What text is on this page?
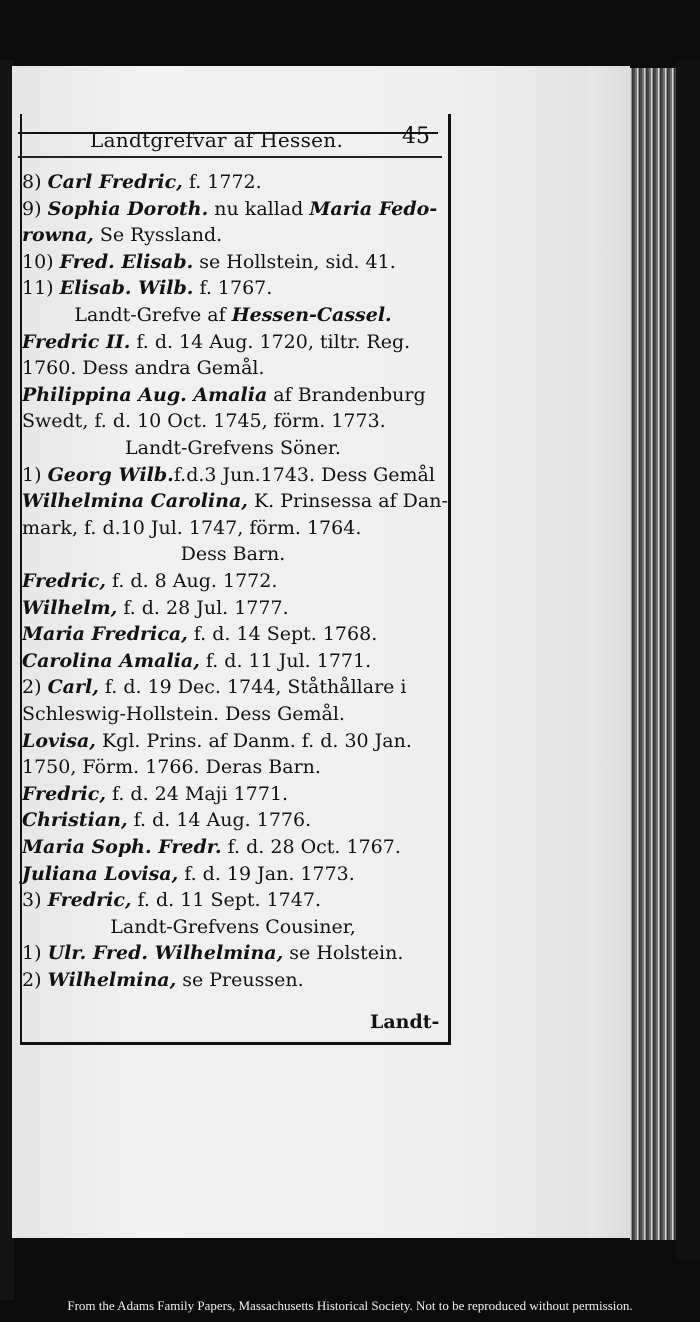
Landtgrefvar af Hessen.	45
8) Carl Fredric, f. 1772.
9) Sophia Doroth. nu kallad Maria Fedo-
rowna, Se Ryssland.
10) Fred. Elisab. se Hollstein, sid. 41.
11) Elisab. Wilb. f. 1767.
Landt-Grefve af Hessen-Cassel.
Fredric II. f. d. 14 Aug. 1720, tiltr. Reg.
1760. Dess andra Gemål.
Philippina Aug. Amalia af Brandenburg
Swedt, f. d. 10 Oct. 1745, förm. 1773.
Landt-Grefvens Söner.
1) Georg Wilb.f.d.3 Jun.1743. Dess Gemål
Wilhelmina Carolina, K. Prinsessa af Dan-
mark, f. d.10 Jul. 1747, förm. 1764.
Dess Barn.
Fredric, f. d. 8 Aug. 1772.
Wilhelm, f. d. 28 Jul. 1777.
Maria Fredrica, f. d. 14 Sept. 1768.
Carolina Amalia, f. d. 11 Jul. 1771.
2) Carl, f. d. 19 Dec. 1744, Ståthållare i
Schleswig-Hollstein. Dess Gemål.
Lovisa, Kgl. Prins. af Danm. f. d. 30 Jan.
1750, Förm. 1766. Deras Barn.
Fredric, f. d. 24 Maji 1771.
Christian, f. d. 14 Aug. 1776.
Maria Soph. Fredr. f. d. 28 Oct. 1767.
Juliana Lovisa, f. d. 19 Jan. 1773.
3) Fredric, f. d. 11 Sept. 1747.
Landt-Grefvens Cousiner,
1) Ulr. Fred. Wilhelmina, se Holstein.
2) Wilhelmina, se Preussen.
Landt-
From the Adams Family Papers, Massachusetts Historical Society. Not to be reproduced without permission.
